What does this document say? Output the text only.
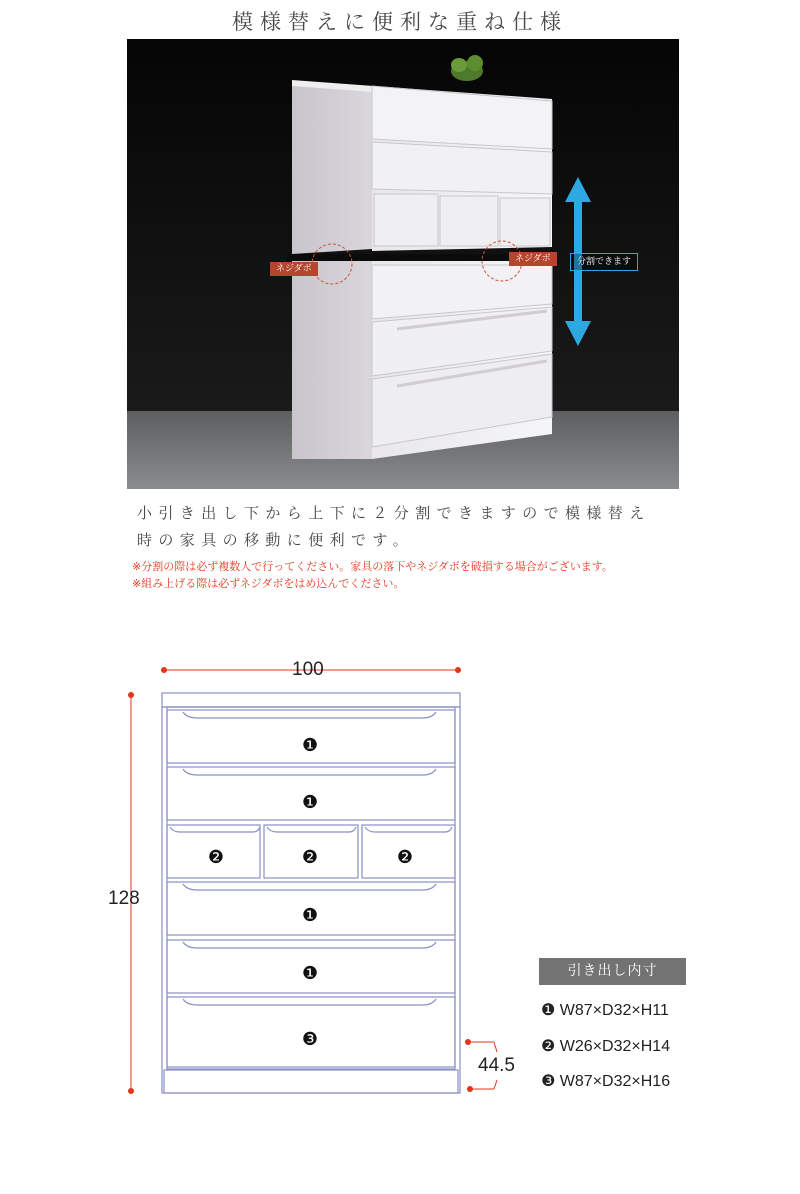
模様替えに便利な重ね仕様
ネジダボ
ネジダボ	分割できます
小引き出し下から上下に２分割できますので模様替え
時の家具の移動に便利です。
※分割の際は必ず複数人で行ってください。家具の落下やネジダボを破損する場合がございます。
※組み上げる際は必ずネジダボをはめ込んでください。
❶
❶
❷	❷	❷
❶
❶
❸
100
128
44.5
引き出し内寸
❶ W87×D32×H11
❷ W26×D32×H14
❸ W87×D32×H16
